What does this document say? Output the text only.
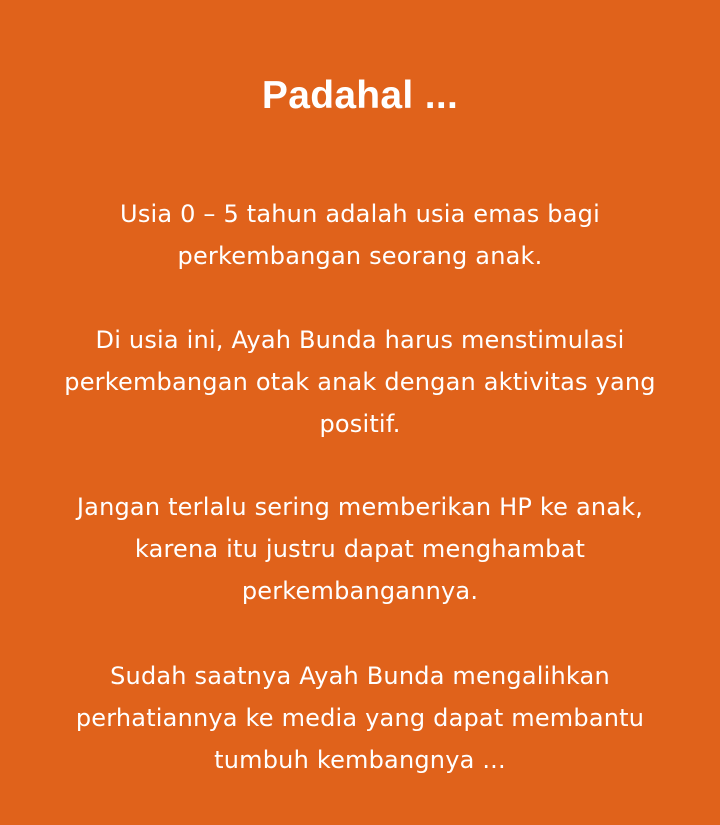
Padahal ...
Usia 0 – 5 tahun adalah usia emas bagi
perkembangan seorang anak.
Di usia ini, Ayah Bunda harus menstimulasi
perkembangan otak anak dengan aktivitas yang
positif.
Jangan terlalu sering memberikan HP ke anak,
karena itu justru dapat menghambat
perkembangannya.
Sudah saatnya Ayah Bunda mengalihkan
perhatiannya ke media yang dapat membantu
tumbuh kembangnya ...
